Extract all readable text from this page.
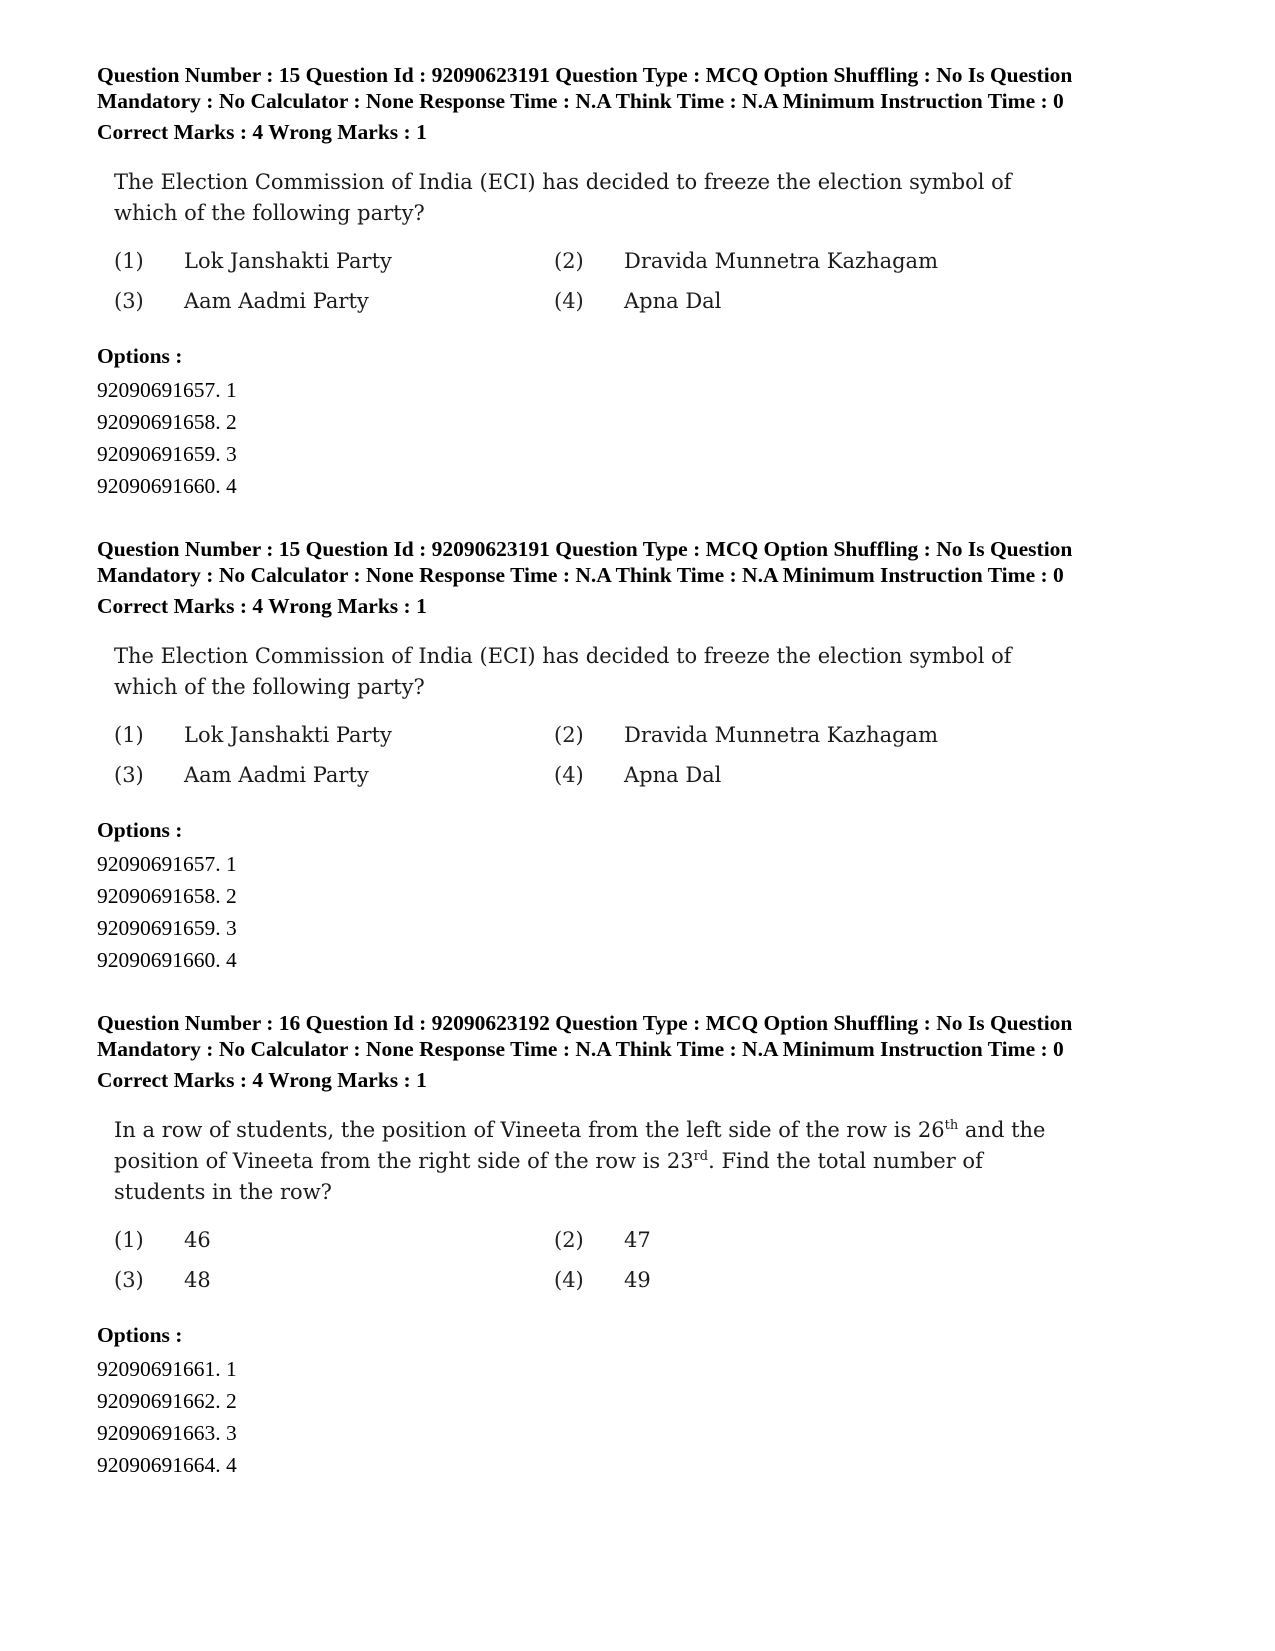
Question Number : 15 Question Id : 92090623191 Question Type : MCQ Option Shuffling : No Is Question

Mandatory : No Calculator : None Response Time : N.A Think Time : N.A Minimum Instruction Time : 0

Correct Marks : 4 Wrong Marks : 1

The Election Commission of India (ECI) has decided to freeze the election symbol of which of the following party?

(1)	Lok Janshakti Party	(2)	Dravida Munnetra Kazhagam
(3)	Aam Aadmi Party	(4)	Apna Dal
Options :
92090691657. 1
92090691658. 2
92090691659. 3
92090691660. 4

Question Number : 15 Question Id : 92090623191 Question Type : MCQ Option Shuffling : No Is Question

Mandatory : No Calculator : None Response Time : N.A Think Time : N.A Minimum Instruction Time : 0

Correct Marks : 4 Wrong Marks : 1

The Election Commission of India (ECI) has decided to freeze the election symbol of which of the following party?

(1)	Lok Janshakti Party	(2)	Dravida Munnetra Kazhagam
(3)	Aam Aadmi Party	(4)	Apna Dal
Options :
92090691657. 1
92090691658. 2
92090691659. 3
92090691660. 4

Question Number : 16 Question Id : 92090623192 Question Type : MCQ Option Shuffling : No Is Question

Mandatory : No Calculator : None Response Time : N.A Think Time : N.A Minimum Instruction Time : 0

Correct Marks : 4 Wrong Marks : 1

In a row of students, the position of Vineeta from the left side of the row is 26th and the position of Vineeta from the right side of the row is 23rd. Find the total number of students in the row?

(1)	46	(2)	47
(3)	48	(4)	49
Options :
92090691661. 1
92090691662. 2
92090691663. 3
92090691664. 4
